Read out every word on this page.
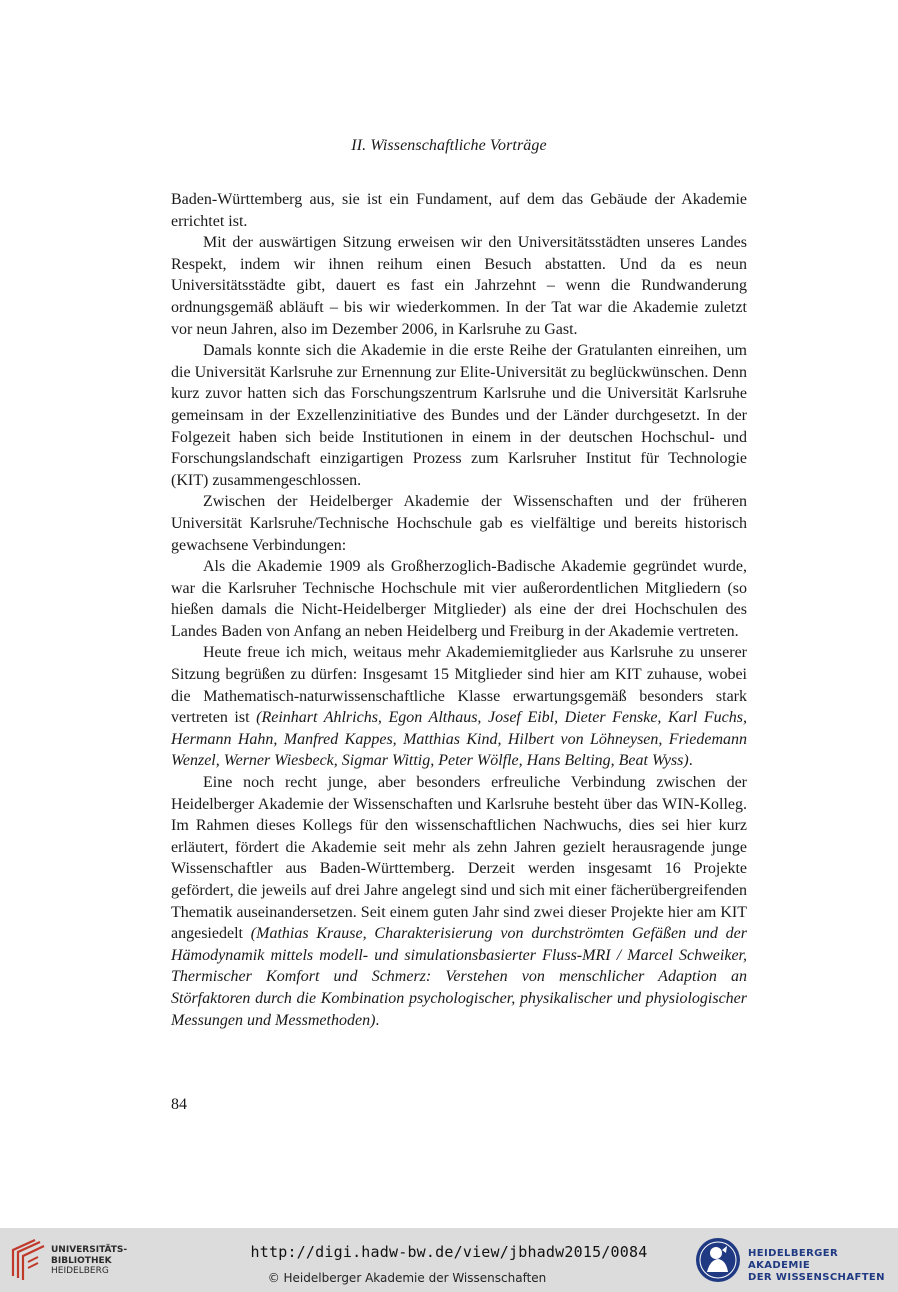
II. Wissenschaftliche Vorträge

Baden-Württemberg aus, sie ist ein Fundament, auf dem das Gebäude der Akademie errichtet ist.

Mit der auswärtigen Sitzung erweisen wir den Universitätsstädten unseres Landes Respekt, indem wir ihnen reihum einen Besuch abstatten. Und da es neun Universitätsstädte gibt, dauert es fast ein Jahrzehnt – wenn die Rundwanderung ordnungsgemäß abläuft – bis wir wiederkommen. In der Tat war die Akademie zuletzt vor neun Jahren, also im Dezember 2006, in Karlsruhe zu Gast.

Damals konnte sich die Akademie in die erste Reihe der Gratulanten einreihen, um die Universität Karlsruhe zur Ernennung zur Elite-Universität zu beglückwünschen. Denn kurz zuvor hatten sich das Forschungszentrum Karlsruhe und die Universität Karlsruhe gemeinsam in der Exzellenzinitiative des Bundes und der Länder durchgesetzt. In der Folgezeit haben sich beide Institutionen in einem in der deutschen Hochschul- und Forschungslandschaft einzigartigen Prozess zum Karlsruher Institut für Technologie (KIT) zusammengeschlossen.

Zwischen der Heidelberger Akademie der Wissenschaften und der früheren Universität Karlsruhe/Technische Hochschule gab es vielfältige und bereits historisch gewachsene Verbindungen:

Als die Akademie 1909 als Großherzoglich-Badische Akademie gegründet wurde, war die Karlsruher Technische Hochschule mit vier außerordentlichen Mitgliedern (so hießen damals die Nicht-Heidelberger Mitglieder) als eine der drei Hochschulen des Landes Baden von Anfang an neben Heidelberg und Freiburg in der Akademie vertreten.

Heute freue ich mich, weitaus mehr Akademiemitglieder aus Karlsruhe zu unserer Sitzung begrüßen zu dürfen: Insgesamt 15 Mitglieder sind hier am KIT zuhause, wobei die Mathematisch-naturwissenschaftliche Klasse erwartungsgemäß besonders stark vertreten ist (Reinhart Ahlrichs, Egon Althaus, Josef Eibl, Dieter Fenske, Karl Fuchs, Hermann Hahn, Manfred Kappes, Matthias Kind, Hilbert von Löhneysen, Friedemann Wenzel, Werner Wiesbeck, Sigmar Wittig, Peter Wölfle, Hans Belting, Beat Wyss).

Eine noch recht junge, aber besonders erfreuliche Verbindung zwischen der Heidelberger Akademie der Wissenschaften und Karlsruhe besteht über das WIN-Kolleg. Im Rahmen dieses Kollegs für den wissenschaftlichen Nachwuchs, dies sei hier kurz erläutert, fördert die Akademie seit mehr als zehn Jahren gezielt herausragende junge Wissenschaftler aus Baden-Württemberg. Derzeit werden insgesamt 16 Projekte gefördert, die jeweils auf drei Jahre angelegt sind und sich mit einer fächerübergreifenden Thematik auseinandersetzen. Seit einem guten Jahr sind zwei dieser Projekte hier am KIT angesiedelt (Mathias Krause, Charakterisierung von durchströmten Gefäßen und der Hämodynamik mittels modell- und simulationsbasierter Fluss-MRI / Marcel Schweiker, Thermischer Komfort und Schmerz: Verstehen von menschlicher Adaption an Störfaktoren durch die Kombination psychologischer, physikalischer und physiologischer Messungen und Messmethoden).

84
UNIVERSITÄTS-
BIBLIOTHEK
HEIDELBERG
http://digi.hadw-bw.de/view/jbhadw2015/0084
© Heidelberger Akademie der Wissenschaften
HEIDELBERGER AKADEMIE
DER WISSENSCHAFTEN
